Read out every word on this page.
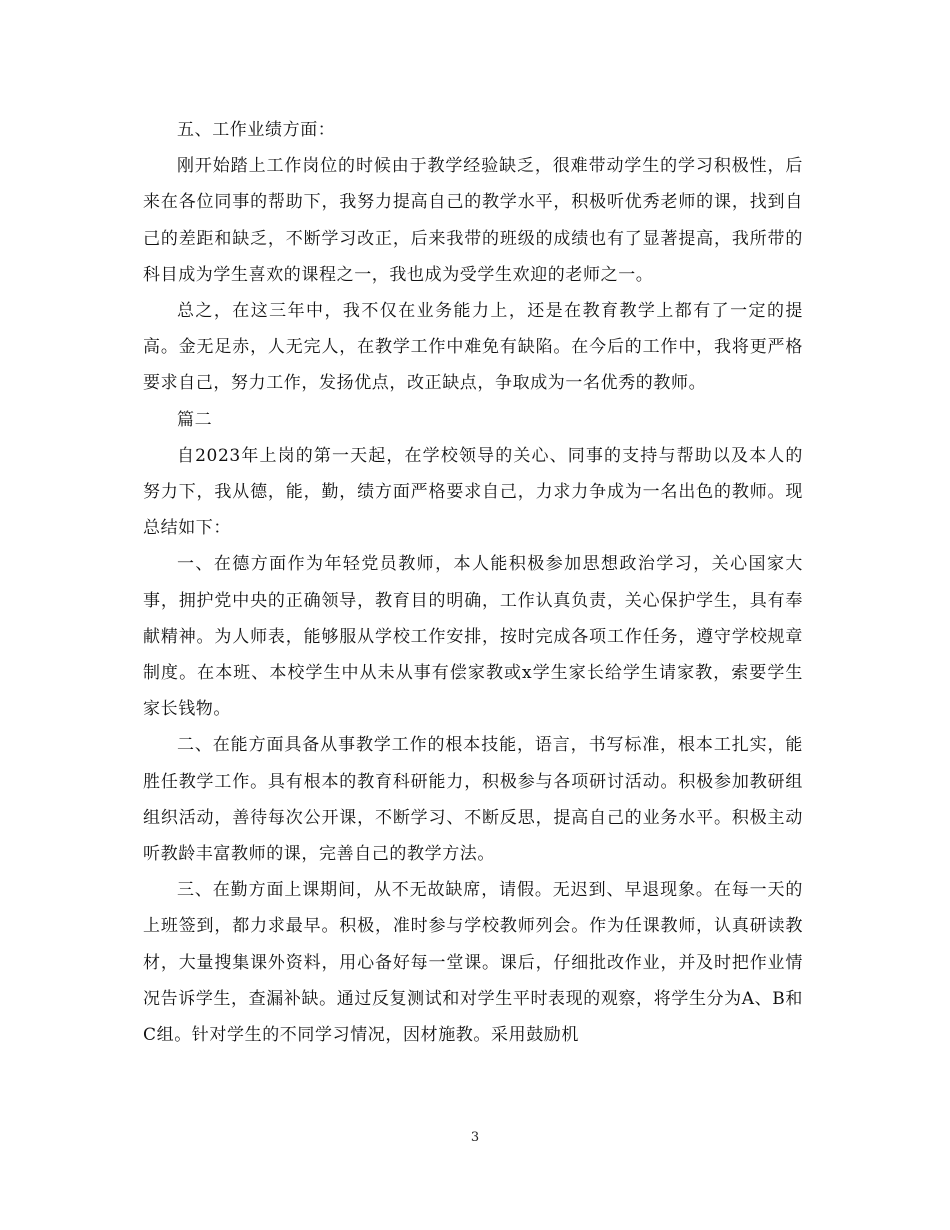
五、工作业绩方面：

刚开始踏上工作岗位的时候由于教学经验缺乏，很难带动学生的学习积极性，后来在各位同事的帮助下，我努力提高自己的教学水平，积极听优秀老师的课，找到自己的差距和缺乏，不断学习改正，后来我带的班级的成绩也有了显著提高，我所带的科目成为学生喜欢的课程之一，我也成为受学生欢迎的老师之一。

总之，在这三年中，我不仅在业务能力上，还是在教育教学上都有了一定的提高。金无足赤，人无完人，在教学工作中难免有缺陷。在今后的工作中，我将更严格要求自己，努力工作，发扬优点，改正缺点，争取成为一名优秀的教师。

篇二

自2023年上岗的第一天起，在学校领导的关心、同事的支持与帮助以及本人的努力下，我从德，能，勤，绩方面严格要求自己，力求力争成为一名出色的教师。现总结如下：

一、在德方面作为年轻党员教师，本人能积极参加思想政治学习，关心国家大事，拥护党中央的正确领导，教育目的明确，工作认真负责，关心保护学生，具有奉献精神。为人师表，能够服从学校工作安排，按时完成各项工作任务，遵守学校规章制度。在本班、本校学生中从未从事有偿家教或x学生家长给学生请家教，索要学生家长钱物。

二、在能方面具备从事教学工作的根本技能，语言，书写标准，根本工扎实，能胜任教学工作。具有根本的教育科研能力，积极参与各项研讨活动。积极参加教研组组织活动，善待每次公开课，不断学习、不断反思，提高自己的业务水平。积极主动听教龄丰富教师的课，完善自己的教学方法。

三、在勤方面上课期间，从不无故缺席，请假。无迟到、早退现象。在每一天的上班签到，都力求最早。积极，准时参与学校教师列会。作为任课教师，认真研读教材，大量搜集课外资料，用心备好每一堂课。课后，仔细批改作业，并及时把作业情况告诉学生，查漏补缺。通过反复测试和对学生平时表现的观察，将学生分为A、B和C组。针对学生的不同学习情况，因材施教。采用鼓励机

3
